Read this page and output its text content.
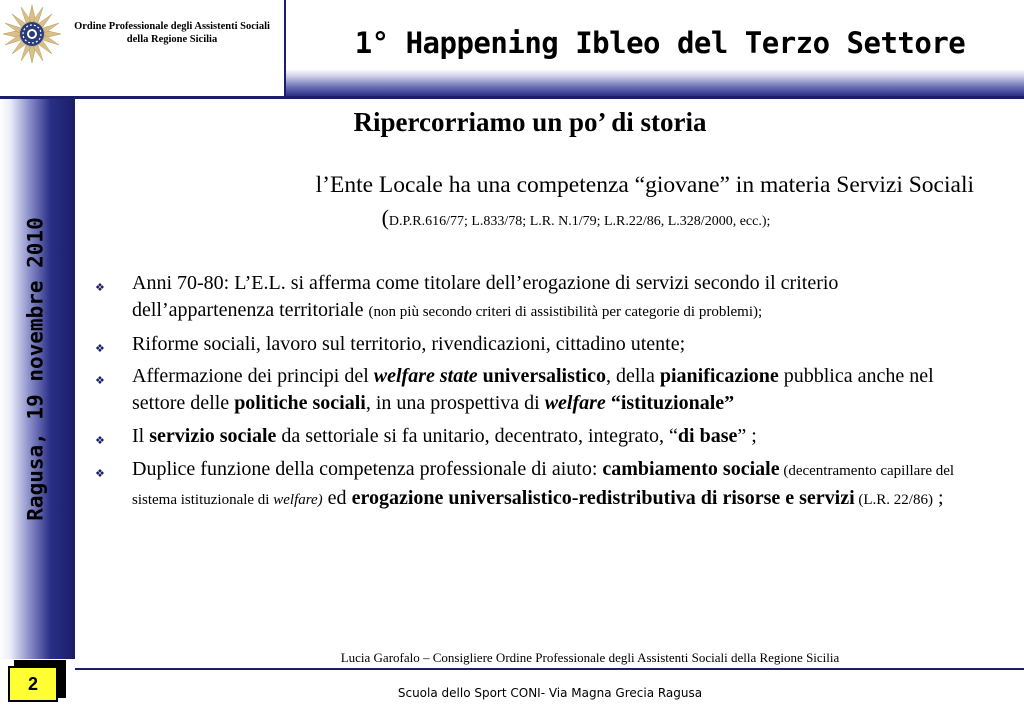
Ordine Professionale degli Assistenti Sociali
della Regione Sicilia	1° Happening Ibleo del Terzo Settore
Ragusa, 19 novembre 2010
2
Ripercorriamo un po’ di storia
l’Ente Locale ha una competenza “giovane” in materia Servizi Sociali
(D.P.R.616/77; L.833/78; L.R. N.1/79; L.R.22/86, L.328/2000, ecc.);
❖ Anni 70-80: L’E.L. si afferma come titolare dell’erogazione di servizi secondo il criterio dell’appartenenza territoriale (non più secondo criteri di assistibilità per categorie di problemi);
❖ Riforme sociali, lavoro sul territorio, rivendicazioni, cittadino utente;
❖ Affermazione dei principi del welfare state universalistico, della pianificazione pubblica anche nel settore delle politiche sociali, in una prospettiva di welfare “istituzionale”
❖ Il servizio sociale da settoriale si fa unitario, decentrato, integrato, “di base” ;
❖ Duplice funzione della competenza professionale di aiuto: cambiamento sociale (decentramento capillare del sistema istituzionale di welfare) ed erogazione universalistico-redistributiva di risorse e servizi (L.R. 22/86) ;
Lucia Garofalo – Consigliere Ordine Professionale degli Assistenti Sociali della Regione Sicilia
Scuola dello Sport CONI- Via Magna Grecia Ragusa
